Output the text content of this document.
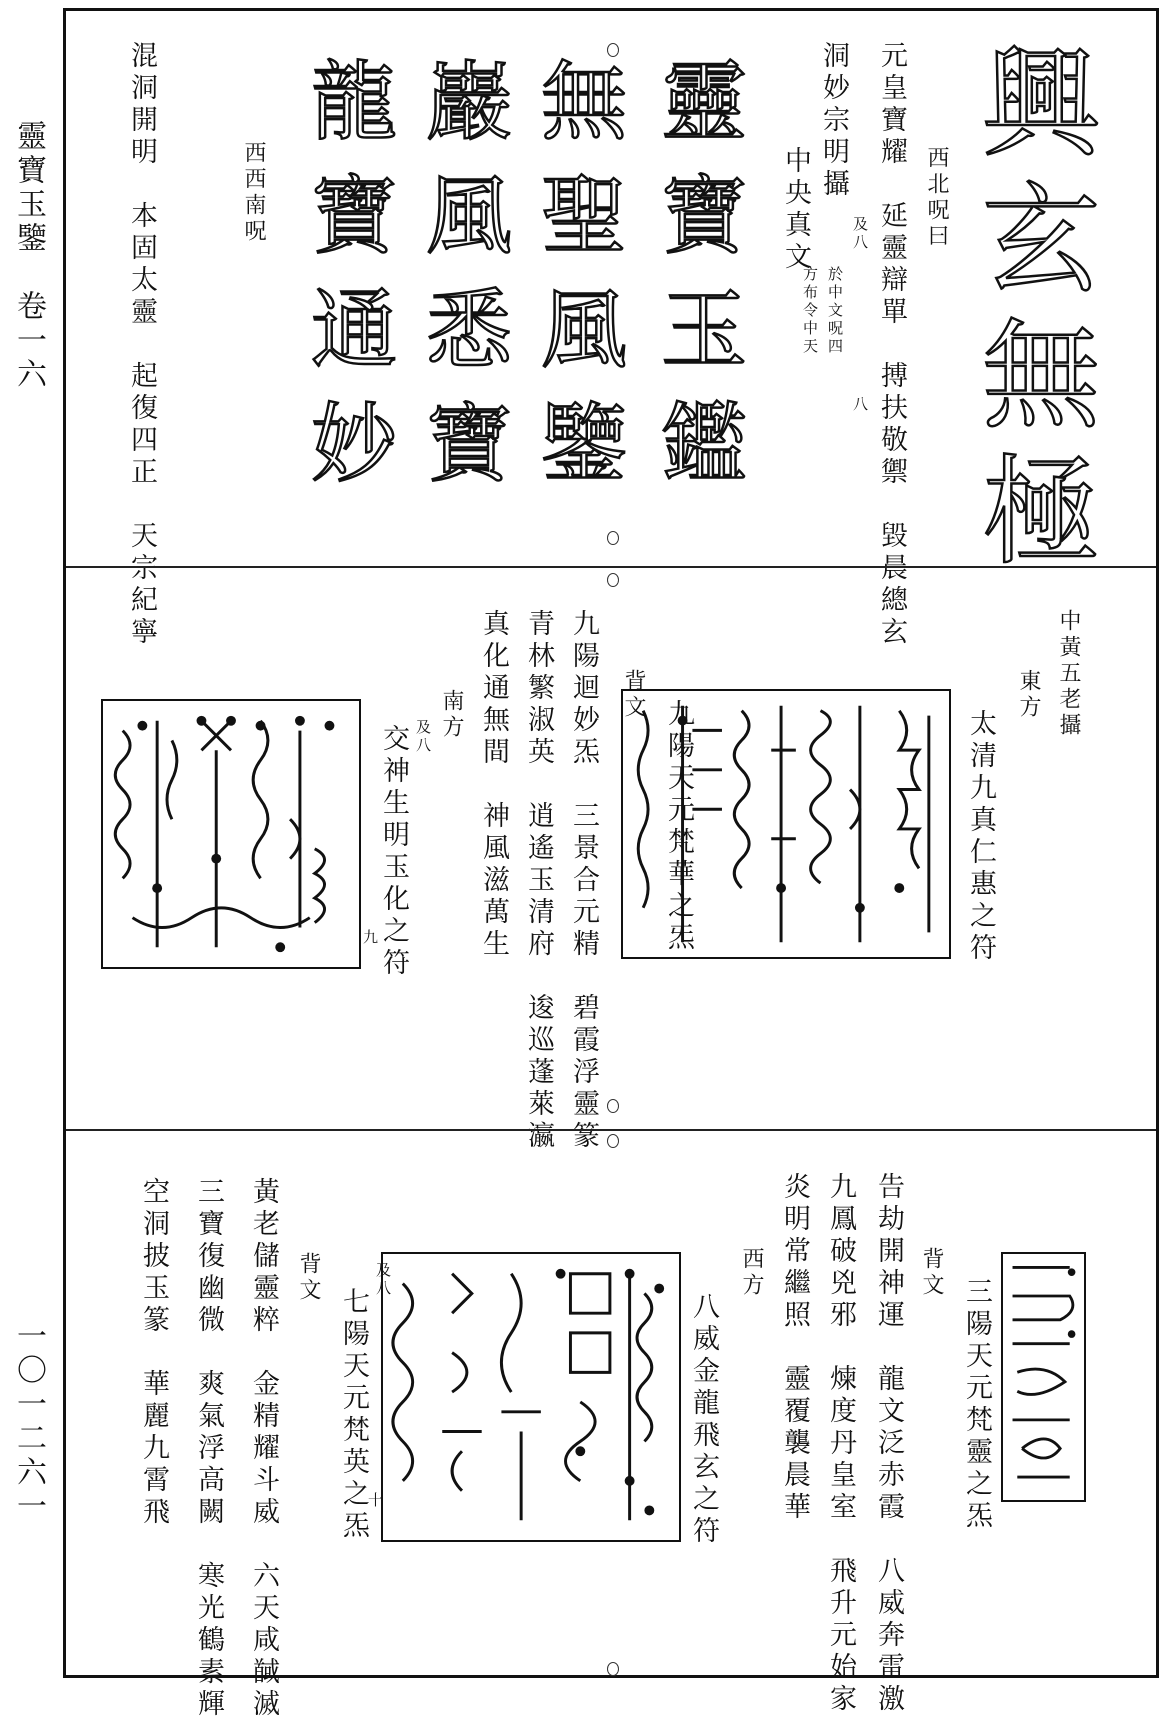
靈寶玉鑒　卷一六
一〇一二六一
興玄無極
西北呪曰
元皇寶耀　延靈辯單　搏扶敬禦　毀晨總玄
及八
八
洞妙宗明攝
中央真文
於中文呪四
方布令中天
靈寶玉鑑
無聖風鑒
巖風悉寶
龍寶通妙
西西南呪
混洞開明　本固太靈　起復四正　天宗紀寧
中黃五老攝
東方
太清九真仁惠之符
九陽天元梵華之炁
背文
九陽迴妙炁　三景合元精　碧霞浮靈篆
青林繁淑英　逍遙玉清府　逡巡蓬萊瀛
真化通無間　神風滋萬生
南方
及八
交神生明玉化之符
九
三陽天元梵靈之炁
背文
告劫開神運　龍文泛赤霞　八威奔雷激
九鳳破兇邪　煉度丹皇室　飛升元始家
炎明常繼照　靈覆襲晨華
西方
八威金龍飛玄之符
及八
七陽天元梵英之炁
十
背文
黃老儲靈粹　金精耀斗威　六天咸馘滅
三寶復幽微　爽氣浮高闕　寒光鶴素輝
空洞披玉篆　華麗九霄飛
